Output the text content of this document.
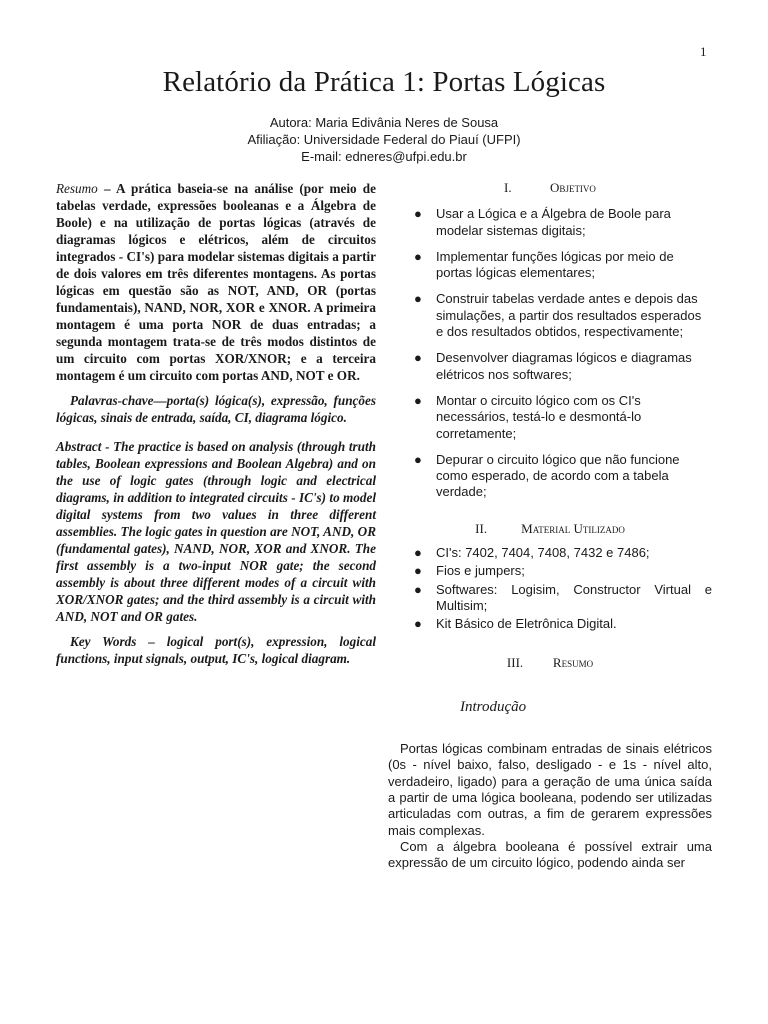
1
Relatório da Prática 1: Portas Lógicas
Autora: Maria Edivânia Neres de Sousa
Afiliação: Universidade Federal do Piauí (UFPI)
E-mail: edneres@ufpi.edu.br

Resumo – A prática baseia-se na análise (por meio de tabelas verdade, expressões booleanas e a Álgebra de Boole) e na utilização de portas lógicas (através de diagramas lógicos e elétricos, além de circuitos integrados - CI's) para modelar sistemas digitais a partir de dois valores em três diferentes montagens. As portas lógicas em questão são as NOT, AND, OR (portas fundamentais), NAND, NOR, XOR e XNOR. A primeira montagem é uma porta NOR de duas entradas; a segunda montagem trata-se de três modos distintos de um circuito com portas XOR/XNOR; e a terceira montagem é um circuito com portas AND, NOT e OR.

Palavras-chave—porta(s) lógica(s), expressão, funções lógicas, sinais de entrada, saída, CI, diagrama lógico.

Abstract - The practice is based on analysis (through truth tables, Boolean expressions and Boolean Algebra) and on the use of logic gates (through logic and electrical diagrams, in addition to integrated circuits - IC's) to model digital systems from two values in three different assemblies. The logic gates in question are NOT, AND, OR (fundamental gates), NAND, NOR, XOR and XNOR. The first assembly is a two-input NOR gate; the second assembly is about three different modes of a circuit with XOR/XNOR gates; and the third assembly is a circuit with AND, NOT and OR gates.

Key Words – logical port(s), expression, logical functions, input signals, output, IC's, logical diagram.

I.	Objetivo

● Usar a Lógica e a Álgebra de Boole para modelar sistemas digitais;
● Implementar funções lógicas por meio de portas lógicas elementares;
● Construir tabelas verdade antes e depois das simulações, a partir dos resultados esperados e dos resultados obtidos, respectivamente;
● Desenvolver diagramas lógicos e diagramas elétricos nos softwares;
● Montar o circuito lógico com os CI's necessários, testá-lo e desmontá-lo corretamente;
● Depurar o circuito lógico que não funcione como esperado, de acordo com a tabela verdade;

II.	Material Utilizado

● CI's: 7402, 7404, 7408, 7432 e 7486;
● Fios e jumpers;
● Softwares: Logisim, Constructor Virtual e Multisim;
● Kit Básico de Eletrônica Digital.

III. Resumo

Introdução

Portas lógicas combinam entradas de sinais elétricos (0s - nível baixo, falso, desligado - e 1s - nível alto, verdadeiro, ligado) para a geração de uma única saída a partir de uma lógica booleana, podendo ser utilizadas articuladas com outras, a fim de gerarem expressões mais complexas.

Com a álgebra booleana é possível extrair uma expressão de um circuito lógico, podendo ainda ser
